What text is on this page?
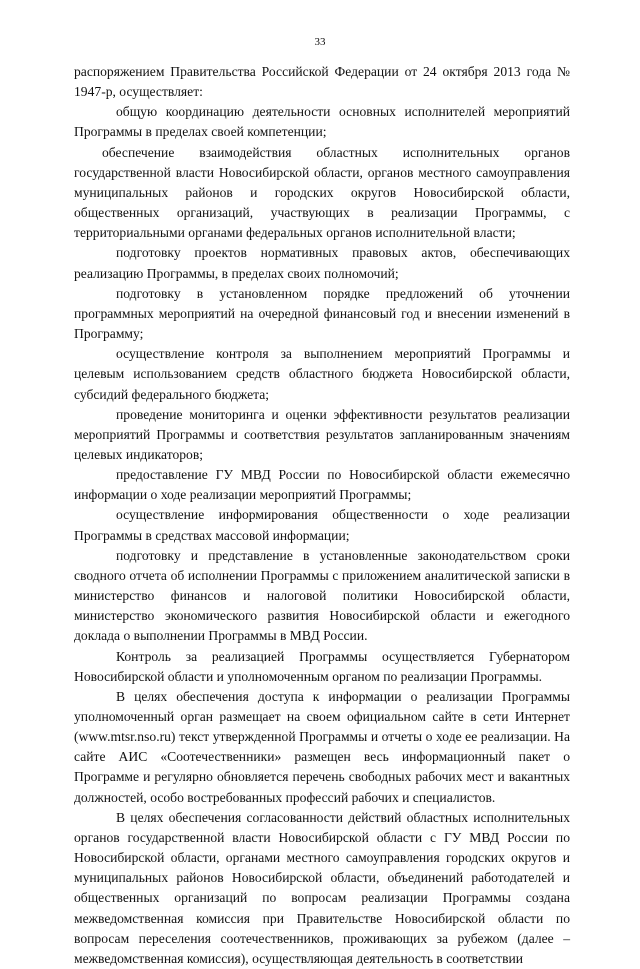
33

распоряжением Правительства Российской Федерации от 24 октября 2013 года № 1947-р, осуществляет:

общую координацию деятельности основных исполнителей мероприятий Программы в пределах своей компетенции;

обеспечение взаимодействия областных исполнительных органов государственной власти Новосибирской области, органов местного самоуправления муниципальных районов и городских округов Новосибирской области, общественных организаций, участвующих в реализации Программы, с территориальными органами федеральных органов исполнительной власти;

подготовку проектов нормативных правовых актов, обеспечивающих реализацию Программы, в пределах своих полномочий;

подготовку в установленном порядке предложений об уточнении программных мероприятий на очередной финансовый год и внесении изменений в Программу;

осуществление контроля за выполнением мероприятий Программы и целевым использованием средств областного бюджета Новосибирской области, субсидий федерального бюджета;

проведение мониторинга и оценки эффективности результатов реализации мероприятий Программы и соответствия результатов запланированным значениям целевых индикаторов;

предоставление ГУ МВД России по Новосибирской области ежемесячно информации о ходе реализации мероприятий Программы;

осуществление информирования общественности о ходе реализации Программы в средствах массовой информации;

подготовку и представление в установленные законодательством сроки сводного отчета об исполнении Программы с приложением аналитической записки в министерство финансов и налоговой политики Новосибирской области, министерство экономического развития Новосибирской области и ежегодного доклада о выполнении Программы в МВД России.

Контроль за реализацией Программы осуществляется Губернатором Новосибирской области и уполномоченным органом по реализации Программы.

В целях обеспечения доступа к информации о реализации Программы уполномоченный орган размещает на своем официальном сайте в сети Интернет (www.mtsr.nso.ru) текст утвержденной Программы и отчеты о ходе ее реализации. На сайте АИС «Соотечественники» размещен весь информационный пакет о Программе и регулярно обновляется перечень свободных рабочих мест и вакантных должностей, особо востребованных профессий рабочих и специалистов.

В целях обеспечения согласованности действий областных исполнительных органов государственной власти Новосибирской области с ГУ МВД России по Новосибирской области, органами местного самоуправления городских округов и муниципальных районов Новосибирской области, объединений работодателей и общественных организаций по вопросам реализации Программы создана межведомственная комиссия при Правительстве Новосибирской области по вопросам переселения соотечественников, проживающих за рубежом (далее – межведомственная комиссия), осуществляющая деятельность в соответствии
